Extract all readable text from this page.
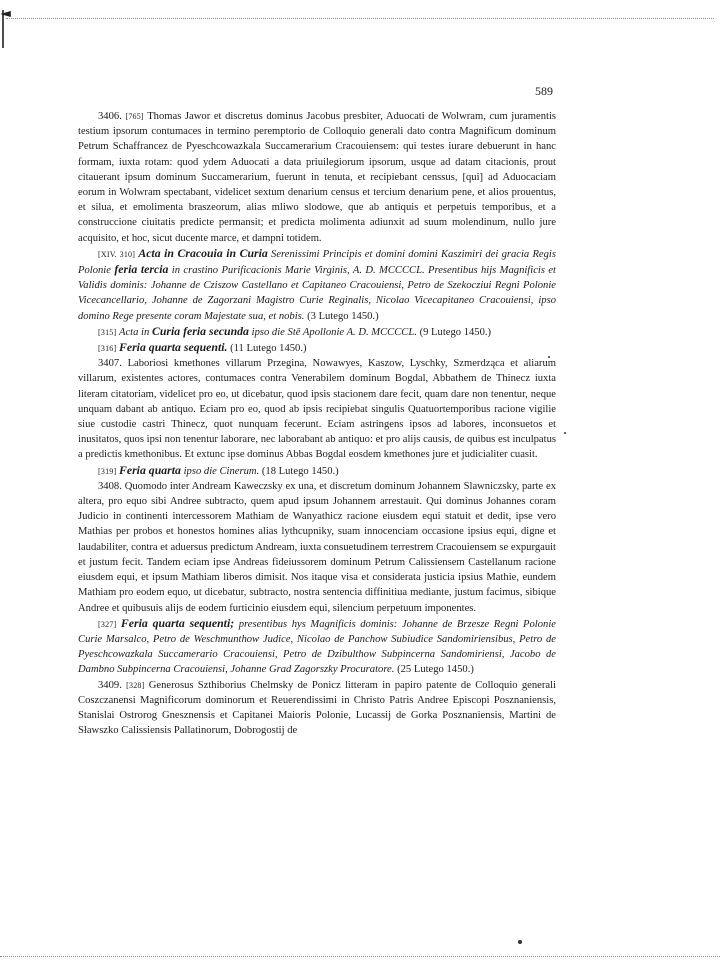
589

3406. [765] Thomas Jawor et discretus dominus Jacobus presbiter, Aduocati de Wolwram, cum juramentis testium ipsorum contumaces in termino peremptorio de Colloquio generali dato contra Magnificum dominum Petrum Schaffrancez de Pyeschcowazkala Succamerarium Cracouiensem: qui testes iurare debuerunt in hanc formam, iuxta rotam: quod ydem Aduocati a data priuilegiorum ipsorum, usque ad datam citacionis, prout citauerant ipsum dominum Succamerarium, fuerunt in tenuta, et recipiebant censsus, [qui] ad Aduocaciam eorum in Wolwram spectabant, videlicet sextum denarium census et tercium denarium pene, et alios prouentus, et silua, et emolimenta braszeorum, alias mliwo slodowe, que ab antiquis et perpetuis temporibus, et a construccione ciuitatis predicte permansit; et predicta molimenta adiunxit ad suum molendinum, nullo jure acquisito, et hoc, sicut ducente marce, et dampni totidem.

[XIV. 310] Acta in Cracouia in Curia Serenissimi Principis et domini domini Kaszimiri dei gracia Regis Polonie feria tercia in crastino Purificacionis Marie Virginis, A. D. MCCCCL. Presentibus hijs Magnificis et Validis dominis: Johanne de Cziszow Castellano et Capitaneo Cracouiensi, Petro de Szekocziui Regni Polonie Vicecancellario, Johanne de Zagorzani Magistro Curie Reginalis, Nicolao Vicecapitaneo Cracouiensi, ipso domino Rege presente coram Majestate sua, et nobis. (3 Lutego 1450.)

[315] Acta in Curia feria secunda ipso die Stē Apollonie A. D. MCCCCL. (9 Lutego 1450.)

[316] Feria quarta sequenti. (11 Lutego 1450.)

3407. Laboriosi kmethones villarum Przegina, Nowawyes, Kaszow, Lyschky, Szmerdząca et aliarum villarum, existentes actores, contumaces contra Venerabilem dominum Bogdal, Abbathem de Thinecz iuxta literam citatoriam, videlicet pro eo, ut dicebatur, quod ipsis stacionem dare fecit, quam dare non tenentur, neque unquam dabant ab antiquo. Eciam pro eo, quod ab ipsis recipiebat singulis Quatuortemporibus racione vigilie siue custodie castri Thinecz, quot nunquam fecerunt. Eciam astringens ipsos ad labores, inconsuetos et inusitatos, quos ipsi non tenentur laborare, nec laborabant ab antiquo: et pro alijs causis, de quibus est inculpatus a predictis kmethonibus. Et extunc ipse dominus Abbas Bogdal eosdem kmethones jure et judicialiter cuasit.

[319] Feria quarta ipso die Cinerum. (18 Lutego 1450.)

3408. Quomodo inter Andream Kaweczsky ex una, et discretum dominum Johannem Slawniczsky, parte ex altera, pro equo sibi Andree subtracto, quem apud ipsum Johannem arrestauit. Qui dominus Johannes coram Judicio in continenti intercessorem Mathiam de Wanyathicz racione eiusdem equi statuit et dedit, ipse vero Mathias per probos et honestos homines alias lythcupniky, suam innocenciam occasione ipsius equi, digne et laudabiliter, contra et aduersus predictum Andream, iuxta consuetudinem terrestrem Cracouiensem se expurgauit et justum fecit. Tandem eciam ipse Andreas fideiussorem dominum Petrum Calissiensem Castellanum racione eiusdem equi, et ipsum Mathiam liberos dimisit. Nos itaque visa et considerata justicia ipsius Mathie, eundem Mathiam pro eodem equo, ut dicebatur, subtracto, nostra sentencia diffinitiua mediante, justum facimus, sibique Andree et quibusuis alijs de eodem furticinio eiusdem equi, silencium perpetuum imponentes.

[327] Feria quarta sequenti; presentibus hys Magnificis dominis: Johanne de Brzesze Regni Polonie Curie Marsalco, Petro de Weschmunthow Judice, Nicolao de Panchow Subiudice Sandomiriensibus, Petro de Pyeschcowazkala Succamerario Cracouiensi, Petro de Dzibulthow Subpincerna Sandomiriensi, Jacobo de Dambno Subpincerna Cracouiensi, Johanne Grad Zagorszky Procuratore. (25 Lutego 1450.)

3409. [328] Generosus Szthiborius Chelmsky de Ponicz litteram in papiro patente de Colloquio generali Coszczanensi Magnificorum dominorum et Reuerendissimi in Christo Patris Andree Episcopi Posznaniensis, Stanislai Ostrorog Gnesznensis et Capitanei Maioris Polonie, Lucassij de Gorka Posznaniensis, Martini de Sławszko Calissiensis Pallatinorum, Dobrogostij de
